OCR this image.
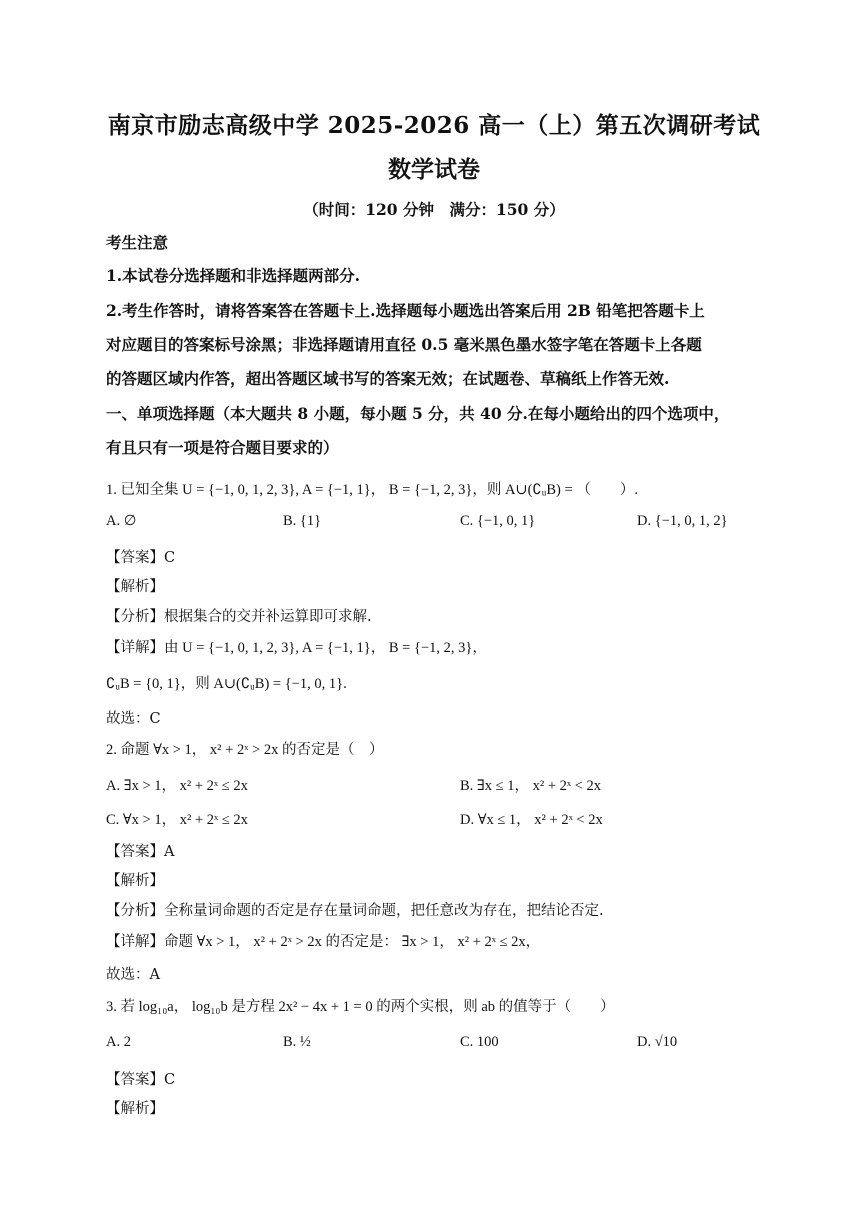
南京市励志高级中学 2025-2026 高一（上）第五次调研考试
数学试卷
（时间：120 分钟　满分：150 分）
考生注意
1.本试卷分选择题和非选择题两部分.
2.考生作答时，请将答案答在答题卡上.选择题每小题选出答案后用 2B 铅笔把答题卡上
对应题目的答案标号涂黑；非选择题请用直径 0.5 毫米黑色墨水签字笔在答题卡上各题
的答题区域内作答，超出答题区域书写的答案无效；在试题卷、草稿纸上作答无效.
一、单项选择题（本大题共 8 小题，每小题 5 分，共 40 分.在每小题给出的四个选项中，
有且只有一项是符合题目要求的）
1. 已知全集 U = {−1, 0, 1, 2, 3}, A = {−1, 1}， B = {−1, 2, 3}，则 A∪(∁ᵤB) = （　　）.
A. ∅	B. {1}	C. {−1, 0, 1}	D. {−1, 0, 1, 2}
【答案】C
【解析】
【分析】根据集合的交并补运算即可求解.
【详解】由 U = {−1, 0, 1, 2, 3}, A = {−1, 1}， B = {−1, 2, 3}，
∁ᵤB = {0, 1}，则 A∪(∁ᵤB) = {−1, 0, 1}.
故选：C
2. 命题 ∀x > 1， x² + 2ˣ > 2x 的否定是（　）
A. ∃x > 1， x² + 2ˣ ≤ 2x	B. ∃x ≤ 1， x² + 2ˣ < 2x
C. ∀x > 1， x² + 2ˣ ≤ 2x	D. ∀x ≤ 1， x² + 2ˣ < 2x
【答案】A
【解析】
【分析】全称量词命题的否定是存在量词命题，把任意改为存在，把结论否定.
【详解】命题 ∀x > 1， x² + 2ˣ > 2x 的否定是： ∃x > 1， x² + 2ˣ ≤ 2x，
故选：A
3. 若 log₁₀a， log₁₀b 是方程 2x² − 4x + 1 = 0 的两个实根，则 ab 的值等于（　　）
A. 2	B. ½	C. 100	D. √10
【答案】C
【解析】
